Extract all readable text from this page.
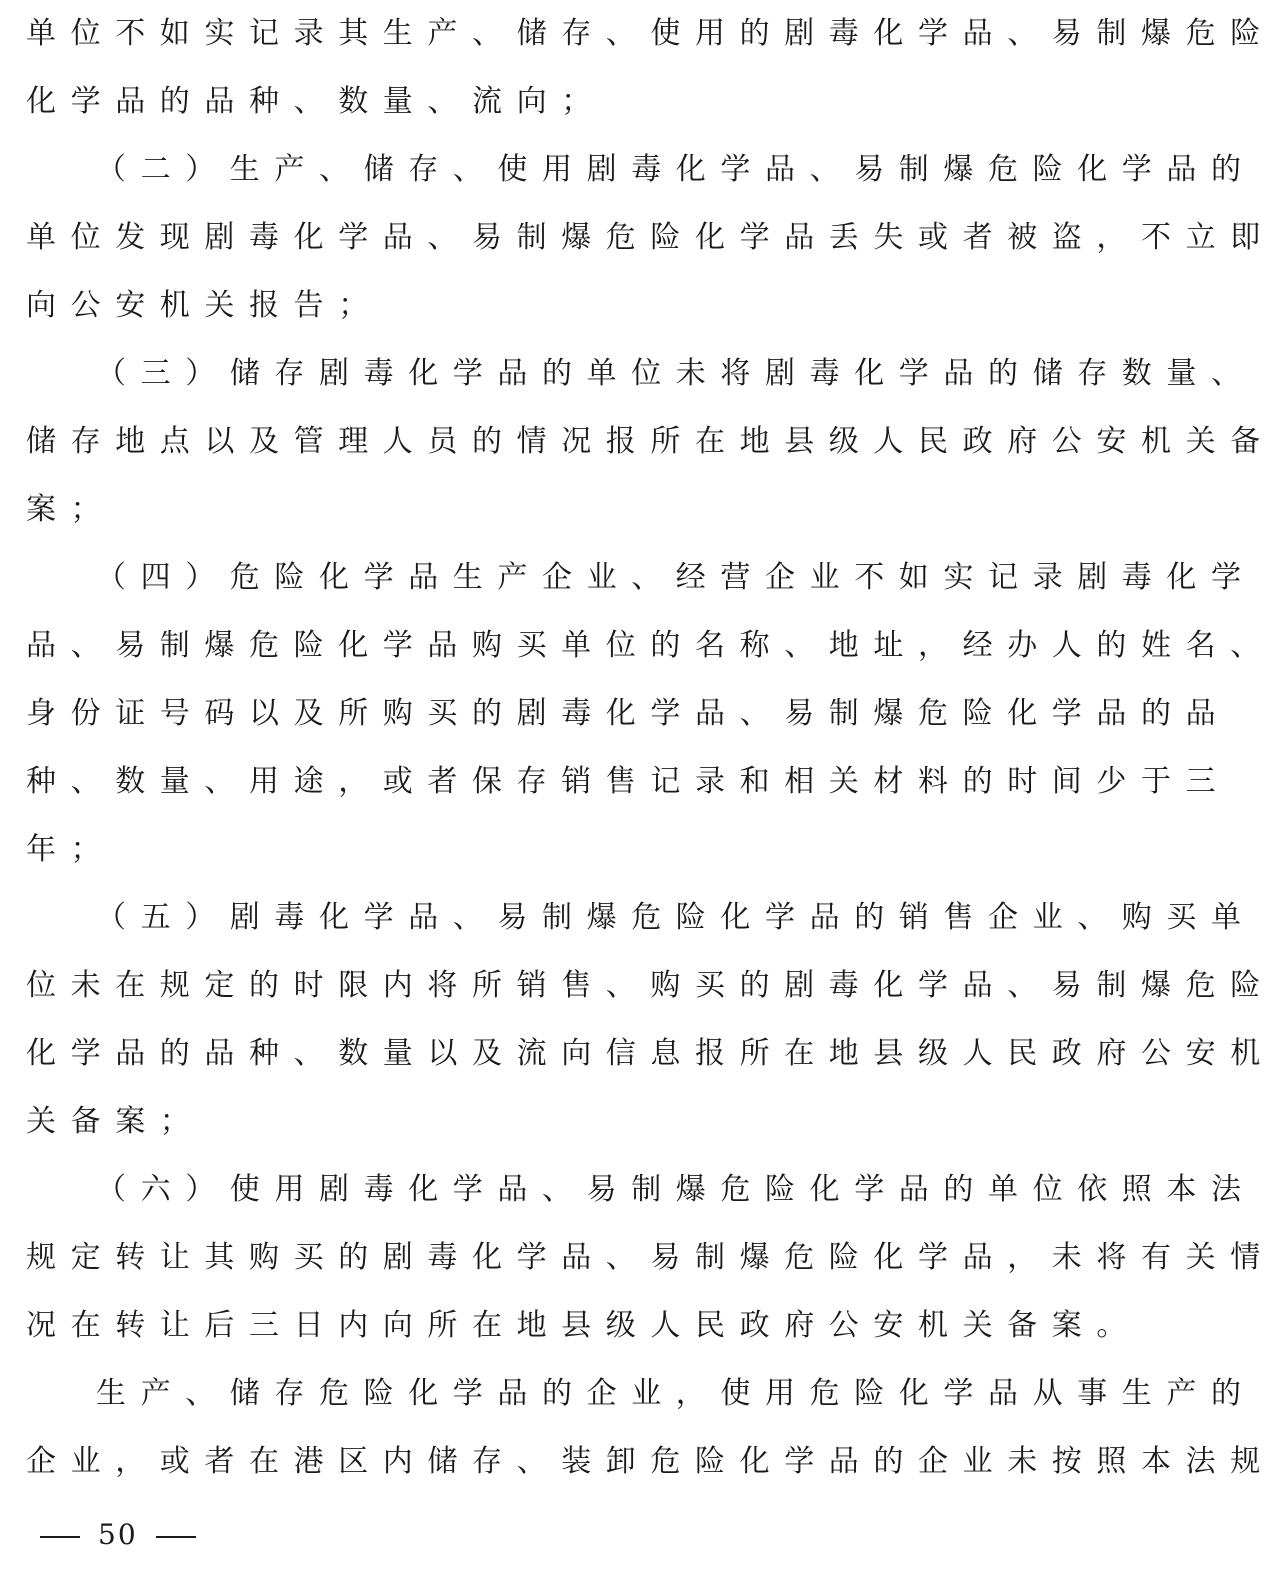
单位不如实记录其生产、储存、使用的剧毒化学品、易制爆危险
化学品的品种、数量、流向；
（二）生产、储存、使用剧毒化学品、易制爆危险化学品的
单位发现剧毒化学品、易制爆危险化学品丢失或者被盗，不立即
向公安机关报告；
（三）储存剧毒化学品的单位未将剧毒化学品的储存数量、
储存地点以及管理人员的情况报所在地县级人民政府公安机关备
案；
（四）危险化学品生产企业、经营企业不如实记录剧毒化学
品、易制爆危险化学品购买单位的名称、地址，经办人的姓名、
身份证号码以及所购买的剧毒化学品、易制爆危险化学品的品
种、数量、用途，或者保存销售记录和相关材料的时间少于三
年；
（五）剧毒化学品、易制爆危险化学品的销售企业、购买单
位未在规定的时限内将所销售、购买的剧毒化学品、易制爆危险
化学品的品种、数量以及流向信息报所在地县级人民政府公安机
关备案；
（六）使用剧毒化学品、易制爆危险化学品的单位依照本法
规定转让其购买的剧毒化学品、易制爆危险化学品，未将有关情
况在转让后三日内向所在地县级人民政府公安机关备案。
生产、储存危险化学品的企业，使用危险化学品从事生产的
企业，或者在港区内储存、装卸危险化学品的企业未按照本法规
50
